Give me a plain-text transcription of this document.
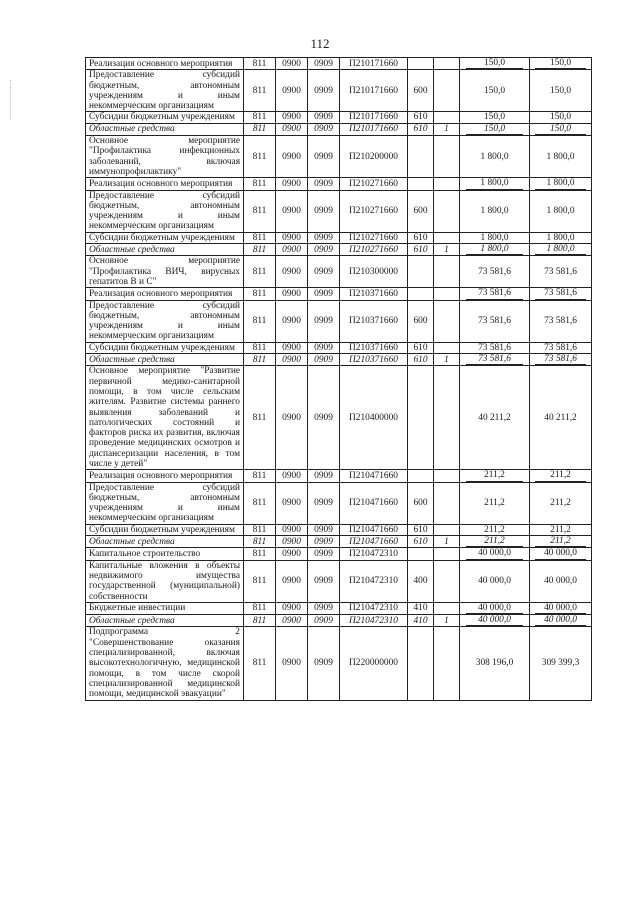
112
Реализация основного мероприятия	811	0900	0909	П210171660			150,0	150,0
Предоставление субсидий бюджетным, автономным учреждениям и иным некоммерческим организациям	811	0900	0909	П210171660	600		150,0	150,0
Субсидии бюджетным учреждениям	811	0900	0909	П210171660	610		150,0	150,0
Областные средства	811	0900	0909	П210171660	610	1	150,0	150,0
Основное мероприятие "Профилактика инфекционных заболеваний, включая иммунопрофилактику"	811	0900	0909	П210200000			1 800,0	1 800,0
Реализация основного мероприятия	811	0900	0909	П210271660			1 800,0	1 800,0
Предоставление субсидий бюджетным, автономным учреждениям и иным некоммерческим организациям	811	0900	0909	П210271660	600		1 800,0	1 800,0
Субсидии бюджетным учреждениям	811	0900	0909	П210271660	610		1 800,0	1 800,0
Областные средства	811	0900	0909	П210271660	610	1	1 800,0	1 800,0
Основное мероприятие "Профилактика ВИЧ, вирусных гепатитов В и С"	811	0900	0909	П210300000			73 581,6	73 581,6
Реализация основного мероприятия	811	0900	0909	П210371660			73 581,6	73 581,6
Предоставление субсидий бюджетным, автономным учреждениям и иным некоммерческим организациям	811	0900	0909	П210371660	600		73 581,6	73 581,6
Субсидии бюджетным учреждениям	811	0900	0909	П210371660	610		73 581,6	73 581,6
Областные средства	811	0900	0909	П210371660	610	1	73 581,6	73 581,6
Основное мероприятие "Развитие первичной медико-санитарной помощи, в том числе сельским жителям. Развитие системы раннего выявления заболеваний и патологических состояний и факторов риска их развития, включая проведение медицинских осмотров и диспансеризации населения, в том числе у детей"	811	0900	0909	П210400000			40 211,2	40 211,2
Реализация основного мероприятия	811	0900	0909	П210471660			211,2	211,2
Предоставление субсидий бюджетным, автономным учреждениям и иным некоммерческим организациям	811	0900	0909	П210471660	600		211,2	211,2
Субсидии бюджетным учреждениям	811	0900	0909	П210471660	610		211,2	211,2
Областные средства	811	0900	0909	П210471660	610	1	211,2	211,2
Капитальное строительство	811	0900	0909	П210472310			40 000,0	40 000,0
Капитальные вложения в объекты недвижимого имущества государственной (муниципальной) собственности	811	0900	0909	П210472310	400		40 000,0	40 000,0
Бюджетные инвестиции	811	0900	0909	П210472310	410		40 000,0	40 000,0
Областные средства	811	0900	0909	П210472310	410	1	40 000,0	40 000,0
Подпрограмма 2 "Совершенствование оказания специализированной, включая высокотехнологичную, медицинской помощи, в том числе скорой специализированной медицинской помощи, медицинской эвакуации"	811	0900	0909	П220000000			308 196,0	309 399,3
